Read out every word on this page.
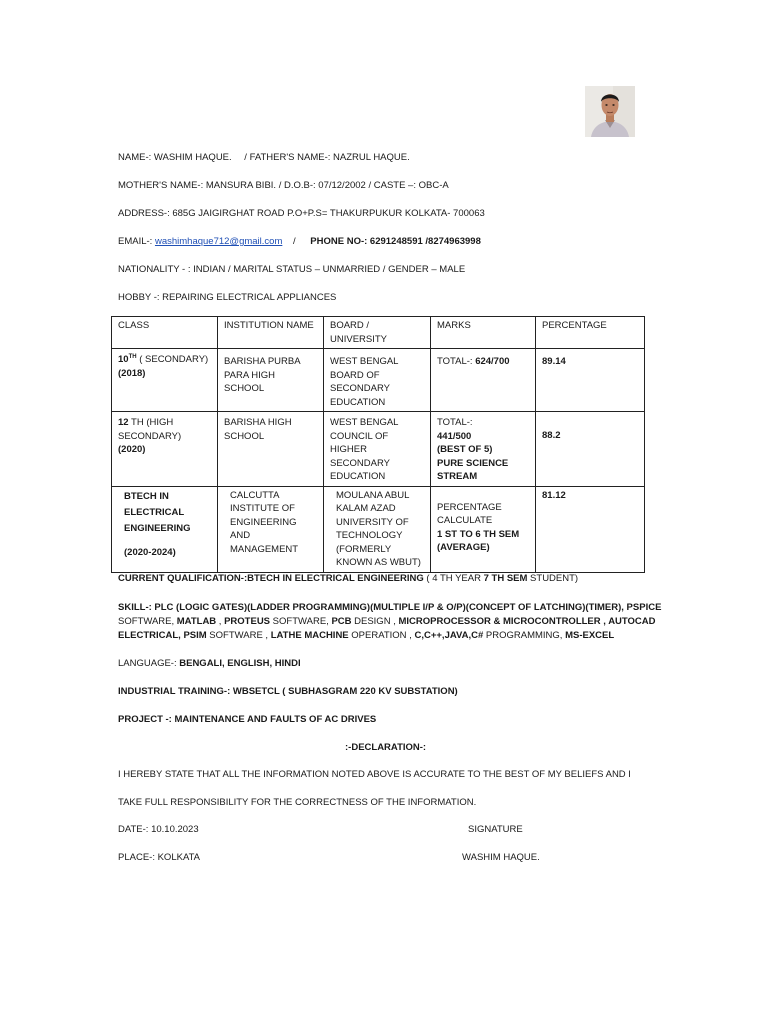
NAME-: WASHIM HAQUE. / FATHER'S NAME-: NAZRUL HAQUE.
MOTHER'S NAME-: MANSURA BIBI. / D.O.B-: 07/12/2002 / CASTE –: OBC-A
ADDRESS-: 685G JAIGIRGHAT ROAD P.O+P.S= THAKURPUKUR KOLKATA- 700063
EMAIL-: washimhaque712@gmail.com / PHONE NO-: 6291248591 /8274963998
NATIONALITY - : INDIAN / MARITAL STATUS – UNMARRIED / GENDER – MALE
HOBBY -: REPAIRING ELECTRICAL APPLIANCES
CLASS	INSTITUTION NAME	BOARD / UNIVERSITY	MARKS	PERCENTAGE
10TH ( SECONDARY)
(2018)	BARISHA PURBA PARA HIGH SCHOOL	WEST BENGAL BOARD OF SECONDARY EDUCATION	TOTAL-: 624/700	89.14
12 TH (HIGH SECONDARY)
(2020)	BARISHA HIGH SCHOOL	WEST BENGAL COUNCIL OF HIGHER SECONDARY EDUCATION	TOTAL-:
441/500
(BEST OF 5)
PURE SCIENCE STREAM	88.2
BTECH IN ELECTRICAL ENGINEERING
(2020-2024)	CALCUTTA INSTITUTE OF ENGINEERING AND MANAGEMENT	MOULANA ABUL KALAM AZAD UNIVERSITY OF TECHNOLOGY (FORMERLY KNOWN AS WBUT)	PERCENTAGE CALCULATE
1 ST TO 6 TH SEM (AVERAGE)	81.12
CURRENT QUALIFICATION-:BTECH IN ELECTRICAL ENGINEERING ( 4 TH YEAR 7 TH SEM STUDENT)
SKILL-: PLC (LOGIC GATES)(LADDER PROGRAMMING)(MULTIPLE I/P & O/P)(CONCEPT OF LATCHING)(TIMER), PSPICE
SOFTWARE, MATLAB , PROTEUS SOFTWARE, PCB DESIGN , MICROPROCESSOR & MICROCONTROLLER , AUTOCAD
ELECTRICAL, PSIM SOFTWARE , LATHE MACHINE OPERATION , C,C++,JAVA,C# PROGRAMMING, MS-EXCEL
LANGUAGE-: BENGALI, ENGLISH, HINDI
INDUSTRIAL TRAINING-: WBSETCL ( SUBHASGRAM 220 KV SUBSTATION)
PROJECT -: MAINTENANCE AND FAULTS OF AC DRIVES
:-DECLARATION-:
I HEREBY STATE THAT ALL THE INFORMATION NOTED ABOVE IS ACCURATE TO THE BEST OF MY BELIEFS AND I
TAKE FULL RESPONSIBILITY FOR THE CORRECTNESS OF THE INFORMATION.
DATE-: 10.10.2023	SIGNATURE
PLACE-: KOLKATA	WASHIM HAQUE.
